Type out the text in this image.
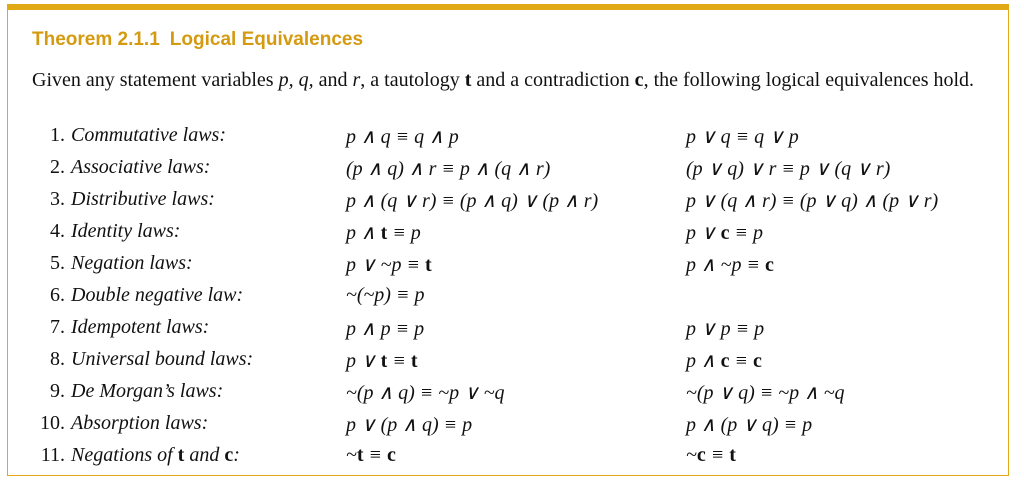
Theorem 2.1.1 Logical Equivalences
Given any statement variables p, q, and r, a tautology t and a contradiction c, the following logical equivalences hold.
1. Commutative laws:	p ∧ q ≡ q ∧ p	p ∨ q ≡ q ∨ p
2. Associative laws:	(p ∧ q) ∧ r ≡ p ∧ (q ∧ r)	(p ∨ q) ∨ r ≡ p ∨ (q ∨ r)
3. Distributive laws:	p ∧ (q ∨ r) ≡ (p ∧ q) ∨ (p ∧ r)	p ∨ (q ∧ r) ≡ (p ∨ q) ∧ (p ∨ r)
4. Identity laws:	p ∧ t ≡ p	p ∨ c ≡ p
5. Negation laws:	p ∨ ~p ≡ t	p ∧ ~p ≡ c
6. Double negative law:	~(~p) ≡ p
7. Idempotent laws:	p ∧ p ≡ p	p ∨ p ≡ p
8. Universal bound laws:	p ∨ t ≡ t	p ∧ c ≡ c
9. De Morgan’s laws:	~(p ∧ q) ≡ ~p ∨ ~q	~(p ∨ q) ≡ ~p ∧ ~q
10. Absorption laws:	p ∨ (p ∧ q) ≡ p	p ∧ (p ∨ q) ≡ p
11. Negations of t and c:	~t ≡ c	~c ≡ t
